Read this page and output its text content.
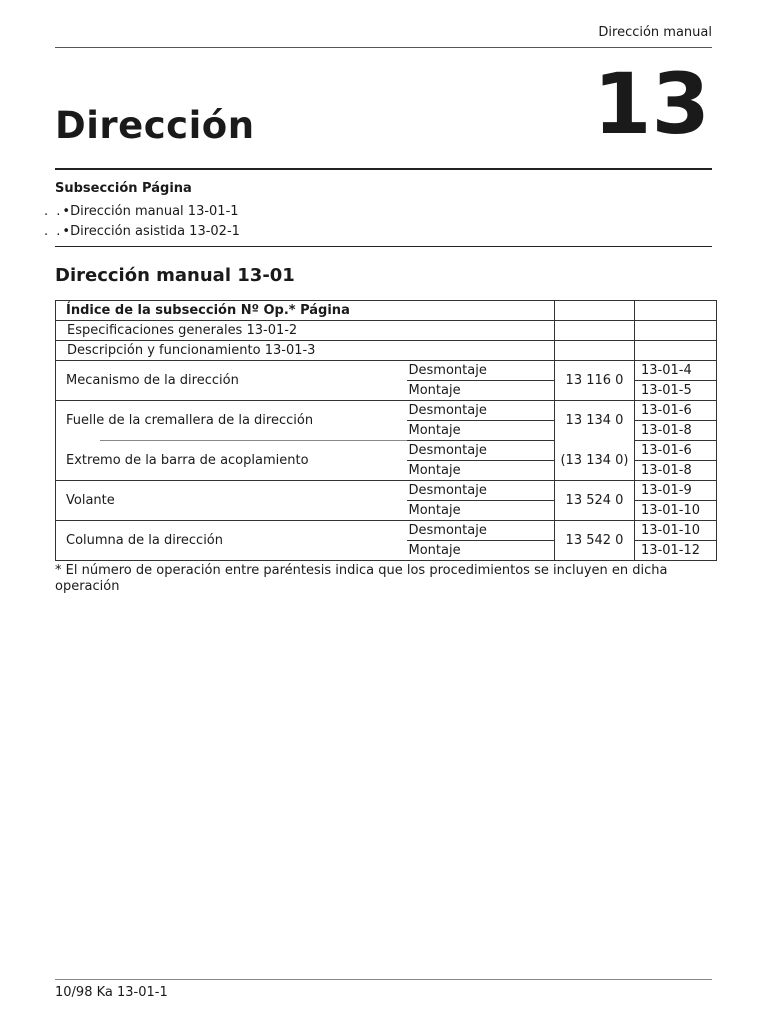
Dirección manual
Dirección	13
Subsección Página
. .•Dirección manual 13-01-1
. .•Dirección asistida 13-02-1
Dirección manual 13-01
Índice de la subsección Nº Op.* Página			
Especificaciones generales 13-01-2			
Descripción y funcionamiento 13-01-3			
Mecanismo de la dirección	Desmontaje	13 116 0	13-01-4
	Montaje		13-01-5
Fuelle de la cremallera de la dirección	Desmontaje	13 134 0	13-01-6
	Montaje		13-01-8

Extremo de la barra de acoplamiento	Desmontaje	(13 134 0)	13-01-6
	Montaje		13-01-8
Volante	Desmontaje	13 524 0	13-01-9
	Montaje		13-01-10
Columna de la dirección	Desmontaje	13 542 0	13-01-10
	Montaje		13-01-12
* El número de operación entre paréntesis indica que los procedimientos se incluyen en dicha operación
10/98 Ka 13-01-1
